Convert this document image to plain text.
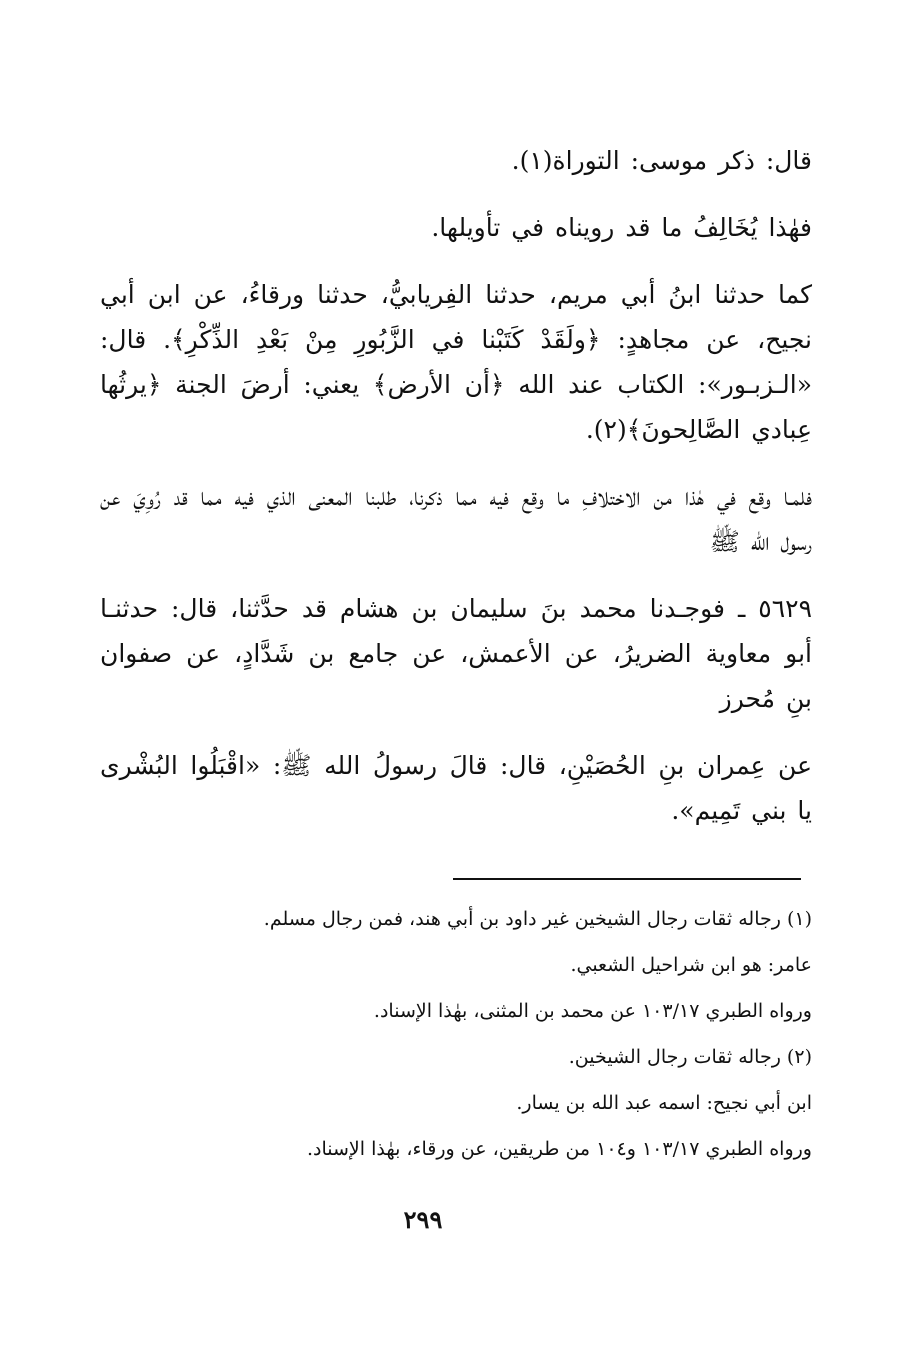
قال: ذكر موسى: التوراة(١).

فهٰذا يُخَالِفُ ما قد رويناه في تأويلها.

كما حدثنا ابنُ أبي مريم، حدثنا الفِريابيُّ، حدثنا ورقاءُ، عن ابن أبي نجيح، عن مجاهدٍ: ﴿ولَقَدْ كَتَبْنا في الزَّبُورِ مِنْ بَعْدِ الذِّكْرِ﴾. قال: «الـزبـور»: الكتاب عند الله ﴿أن الأرض﴾ يعني: أرضَ الجنة ﴿يرثُها عِبادي الصَّالِحونَ﴾(٢).

فلمـا وقع في هٰذا من الاختلافِ ما وقع فيه مما ذكرنا، طلبنا المعنى الذي فيه مما قد رُوِيَ عن رسول الله ﷺ

٥٦٢٩ ـ فوجـدنا محمد بنَ سليمان بن هشام قد حدَّثنا، قال: حدثنـا أبو معاوية الضريرُ، عن الأعمش، عن جامع بن شَدَّادٍ، عن صفوان بنِ مُحرز

عن عِمران بنِ الحُصَيْنِ، قال: قالَ رسولُ الله ﷺ: «اقْبَلُوا البُشْرى يا بني تَمِيم».

(١) رجاله ثقات رجال الشيخين غير داود بن أبي هند، فمن رجال مسلم.

عامر: هو ابن شراحيل الشعبي.

ورواه الطبري ١٠٣/١٧ عن محمد بن المثنى، بهٰذا الإسناد.

(٢) رجاله ثقات رجال الشيخين.

ابن أبي نجيح: اسمه عبد الله بن يسار.

ورواه الطبري ١٠٣/١٧ و١٠٤ من طريقين، عن ورقاء، بهٰذا الإسناد.

٢٩٩
